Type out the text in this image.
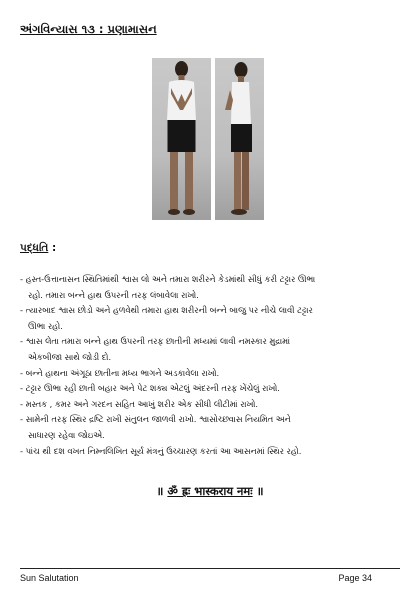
અંગવિન્યાસ ૧૩ : પ્રણામાસન
પદ્ધતિ :
- હસ્ત-ઉત્તાનાસન સ્થિતિમાંથી શ્વાસ લો અને તમારા શરીરને કેડમાંથી સીધું કરી ટટ્ટાર ઊભા
રહો. તમારા બન્ને હાથ ઉપરની તરફ લંબાવેલા રાખો.
- ત્યારબાદ શ્વાસ છોડો અને હળવેથી તમારા હાથ શરીરની બન્ને બાજુ પર નીચે લાવી ટટ્ટાર
ઊભા રહો.
- શ્વાસ લેતા તમારા બન્ને હાથ ઉપરની તરફ છાતીની મધ્યમાં લાવી નમસ્કાર મુદ્રામાં
એકબીજા સાથે જોડી દો.
- બન્ને હાથના અંગૂઠા છાતીના મધ્ય ભાગને અડકાવેલા રાખો.
- ટટ્ટાર ઊભા રહી છાતી બહાર અને પેટ શક્ય એટલું અંદરની તરફ ખેંચેલું રાખો.
- મસ્તક , કમર અને ગરદન સહિત આખું શરીર એક સીધી લીટીમાં રાખો.
- સામેની તરફ સ્થિર દ્રષ્ટિ રાખી સંતુલન જાળવી રાખો. શ્વાસોચ્છ્વાસ નિયમિત અને
સાધારણ રહેવા જોઇએ.
- પાંચ થી દશ વખત નિમ્નલિખિત સૂર્ય મંત્રનું ઉચ્ચારણ કરતાં આ આસનમાં સ્થિર રહો.
॥ ॐ ह्रः भास्कराय नमः ॥
Sun Salutation	Page 34
